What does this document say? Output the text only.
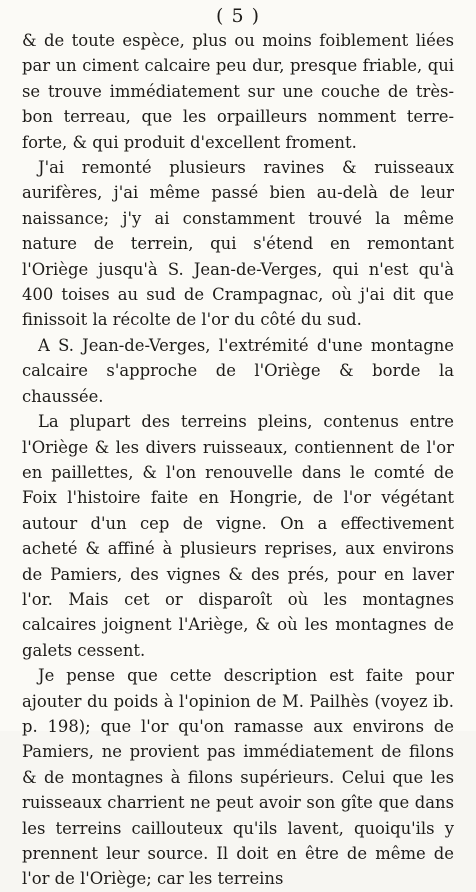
( 5 )

& de toute espèce, plus ou moins foiblement liées par un ciment calcaire peu dur, presque friable, qui se trouve immédiatement sur une couche de très-bon terreau, que les orpailleurs nomment terre-forte, & qui produit d'excellent froment.

J'ai remonté plusieurs ravines & ruisseaux aurifères, j'ai même passé bien au-delà de leur naissance; j'y ai constamment trouvé la même nature de terrein, qui s'étend en remontant l'Oriège jusqu'à S. Jean-de-Verges, qui n'est qu'à 400 toises au sud de Crampagnac, où j'ai dit que finissoit la récolte de l'or du côté du sud.

A S. Jean-de-Verges, l'extrémité d'une montagne calcaire s'approche de l'Oriège & borde la chaussée.

La plupart des terreins pleins, contenus entre l'Oriège & les divers ruisseaux, contiennent de l'or en paillettes, & l'on renouvelle dans le comté de Foix l'histoire faite en Hongrie, de l'or végétant autour d'un cep de vigne. On a effectivement acheté & affiné à plusieurs reprises, aux environs de Pamiers, des vignes & des prés, pour en laver l'or. Mais cet or disparoît où les montagnes calcaires joignent l'Ariège, & où les montagnes de galets cessent.

Je pense que cette description est faite pour ajouter du poids à l'opinion de M. Pailhès (voyez ib. p. 198); que l'or qu'on ramasse aux environs de Pamiers, ne provient pas immédiatement de filons & de montagnes à filons supérieurs. Celui que les ruisseaux charrient ne peut avoir son gîte que dans les terreins caillouteux qu'ils lavent, quoiqu'ils y prennent leur source. Il doit en être de même de l'or de l'Oriège; car les terreins
